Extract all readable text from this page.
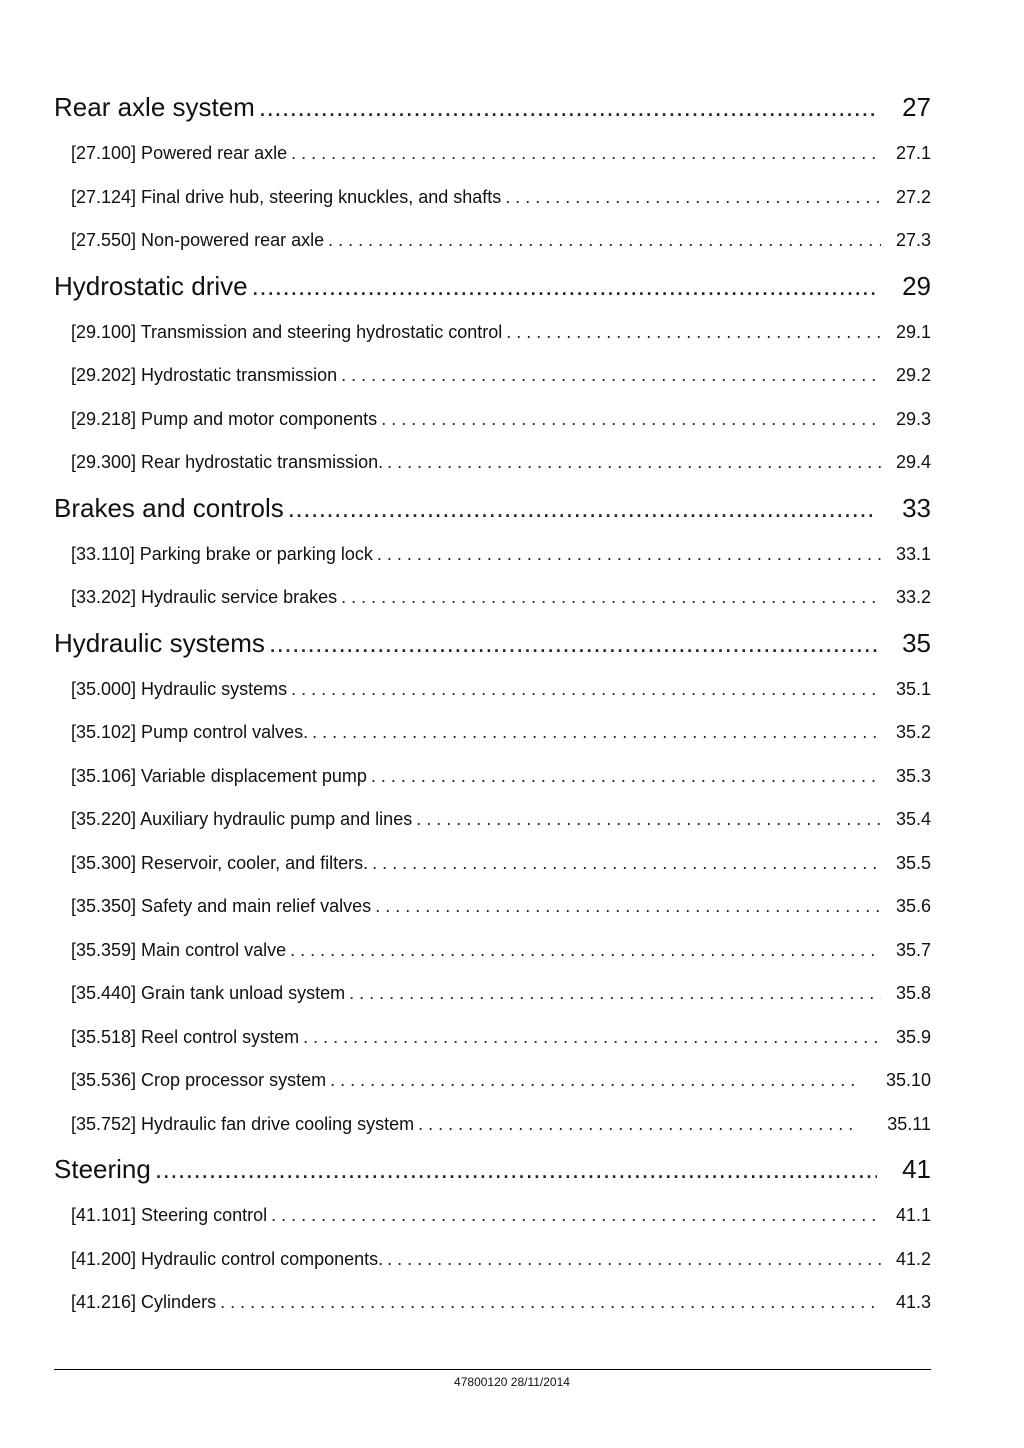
Rear axle system .....	27
[27.100] Powered rear axle . . .	27.1
[27.124] Final drive hub, steering knuckles, and shafts . . .	27.2
[27.550] Non-powered rear axle . . .	27.3
Hydrostatic drive .....	29
[29.100] Transmission and steering hydrostatic control . . .	29.1
[29.202] Hydrostatic transmission . . .	29.2
[29.218] Pump and motor components . . .	29.3
[29.300] Rear hydrostatic transmission. . . .	29.4
Brakes and controls .....	33
[33.110] Parking brake or parking lock . . .	33.1
[33.202] Hydraulic service brakes . . .	33.2
Hydraulic systems .....	35
[35.000] Hydraulic systems . . .	35.1
[35.102] Pump control valves. . . .	35.2
[35.106] Variable displacement pump . . .	35.3
[35.220] Auxiliary hydraulic pump and lines . . .	35.4
[35.300] Reservoir, cooler, and filters. . . .	35.5
[35.350] Safety and main relief valves . . .	35.6
[35.359] Main control valve . . .	35.7
[35.440] Grain tank unload system . . .	35.8
[35.518] Reel control system . . .	35.9
[35.536] Crop processor system . . .	35.10
[35.752] Hydraulic fan drive cooling system . . .	35.11
Steering .....	41
[41.101] Steering control . . .	41.1
[41.200] Hydraulic control components. . . .	41.2
[41.216] Cylinders . . .	41.3
47800120 28/11/2014
